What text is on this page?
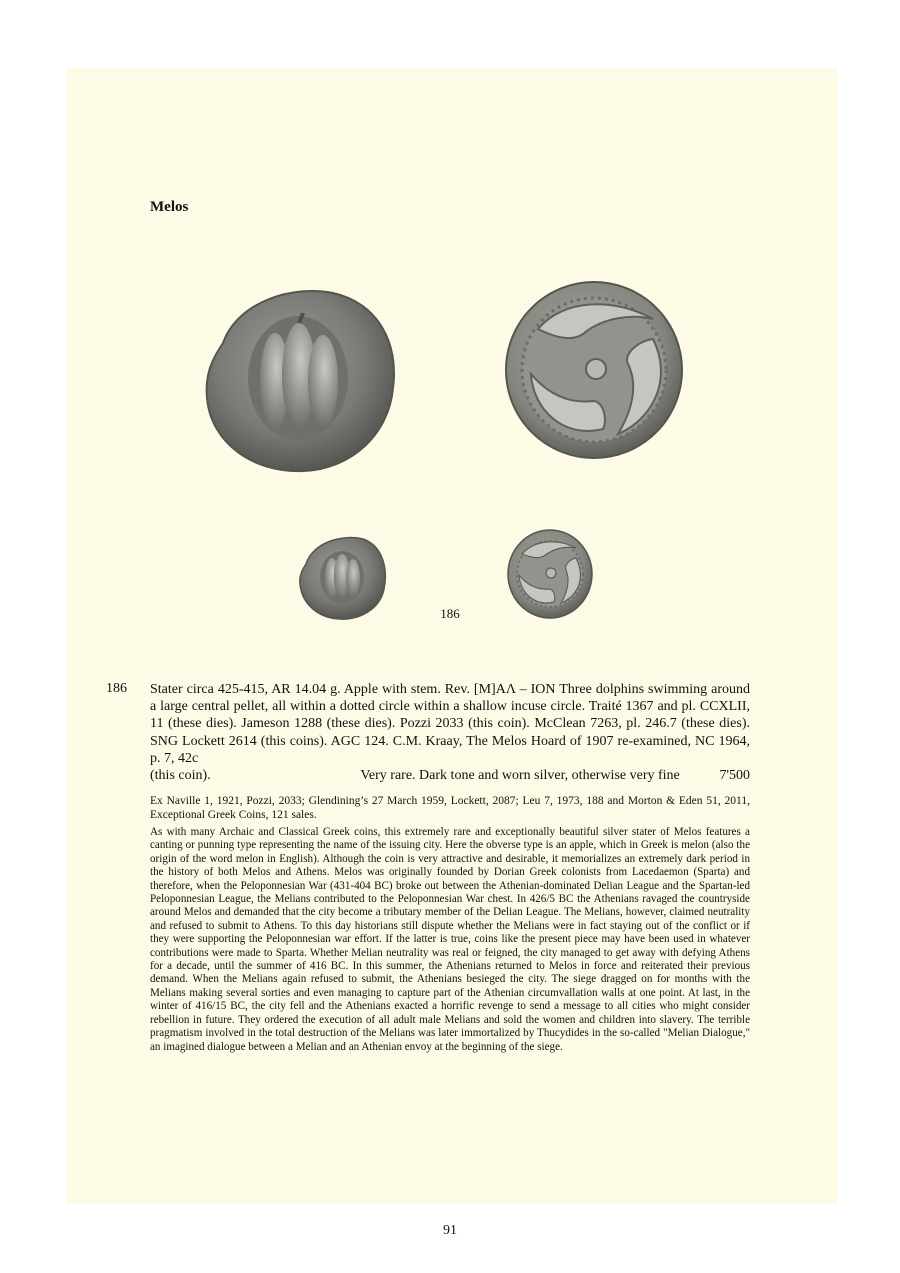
Melos
186
186 Stater circa 425-415, AR 14.04 g. Apple with stem. Rev. [M]AΛ – ION Three dolphins swimming around a large central pellet, all within a dotted circle within a shallow incuse circle. Traité 1367 and pl. CCXLII, 11 (these dies). Jameson 1288 (these dies). Pozzi 2033 (this coin). McClean 7263, pl. 246.7 (these dies). SNG Lockett 2614 (this coins). AGC 124. C.M. Kraay, The Melos Hoard of 1907 re-examined, NC 1964, p. 7, 42c
(this coin).	Very rare. Dark tone and worn silver, otherwise very fine	7'500
Ex Naville 1, 1921, Pozzi, 2033; Glendining’s 27 March 1959, Lockett, 2087; Leu 7, 1973, 188 and Morton & Eden 51, 2011, Exceptional Greek Coins, 121 sales.
As with many Archaic and Classical Greek coins, this extremely rare and exceptionally beautiful silver stater of Melos features a canting or punning type representing the name of the issuing city. Here the obverse type is an apple, which in Greek is melon (also the origin of the word melon in English). Although the coin is very attractive and desirable, it memorializes an extremely dark period in the history of both Melos and Athens. Melos was originally founded by Dorian Greek colonists from Lacedaemon (Sparta) and therefore, when the Peloponnesian War (431-404 BC) broke out between the Athenian-dominated Delian League and the Spartan-led Peloponnesian League, the Melians contributed to the Peloponnesian War chest. In 426/5 BC the Athenians ravaged the countryside around Melos and demanded that the city become a tributary member of the Delian League. The Melians, however, claimed neutrality and refused to submit to Athens. To this day historians still dispute whether the Melians were in fact staying out of the conflict or if they were supporting the Peloponnesian war effort. If the latter is true, coins like the present piece may have been used in whatever contributions were made to Sparta. Whether Melian neutrality was real or feigned, the city managed to get away with defying Athens for a decade, until the summer of 416 BC. In this summer, the Athenians returned to Melos in force and reiterated their previous demand. When the Melians again refused to submit, the Athenians besieged the city. The siege dragged on for months with the Melians making several sorties and even managing to capture part of the Athenian circumvallation walls at one point. At last, in the winter of 416/15 BC, the city fell and the Athenians exacted a horrific revenge to send a message to all cities who might consider rebellion in future. They ordered the execution of all adult male Melians and sold the women and children into slavery. The terrible pragmatism involved in the total destruction of the Melians was later immortalized by Thucydides in the so-called "Melian Dialogue," an imagined dialogue between a Melian and an Athenian envoy at the beginning of the siege.
91
